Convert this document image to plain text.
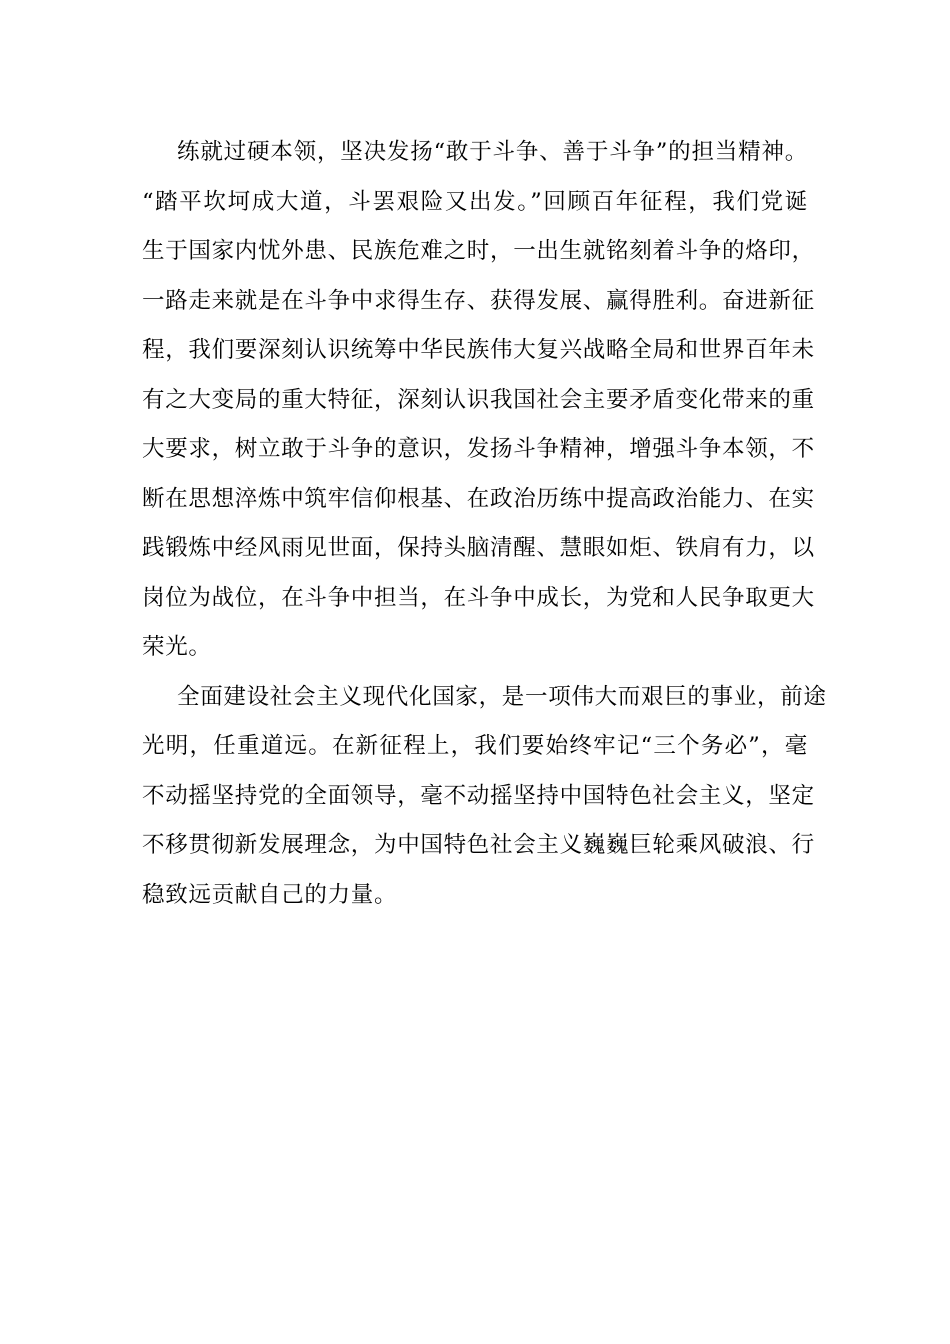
练就过硬本领，坚决发扬“敢于斗争、善于斗争”的担当精神。
“踏平坎坷成大道，斗罢艰险又出发。”回顾百年征程，我们党诞
生于国家内忧外患、民族危难之时，一出生就铭刻着斗争的烙印，
一路走来就是在斗争中求得生存、获得发展、赢得胜利。奋进新征
程，我们要深刻认识统筹中华民族伟大复兴战略全局和世界百年未
有之大变局的重大特征，深刻认识我国社会主要矛盾变化带来的重
大要求，树立敢于斗争的意识，发扬斗争精神，增强斗争本领，不
断在思想淬炼中筑牢信仰根基、在政治历练中提高政治能力、在实
践锻炼中经风雨见世面，保持头脑清醒、慧眼如炬、铁肩有力，以
岗位为战位，在斗争中担当，在斗争中成长，为党和人民争取更大
荣光。
全面建设社会主义现代化国家，是一项伟大而艰巨的事业，前途
光明，任重道远。在新征程上，我们要始终牢记“三个务必”，毫
不动摇坚持党的全面领导，毫不动摇坚持中国特色社会主义，坚定
不移贯彻新发展理念，为中国特色社会主义巍巍巨轮乘风破浪、行
稳致远贡献自己的力量。
